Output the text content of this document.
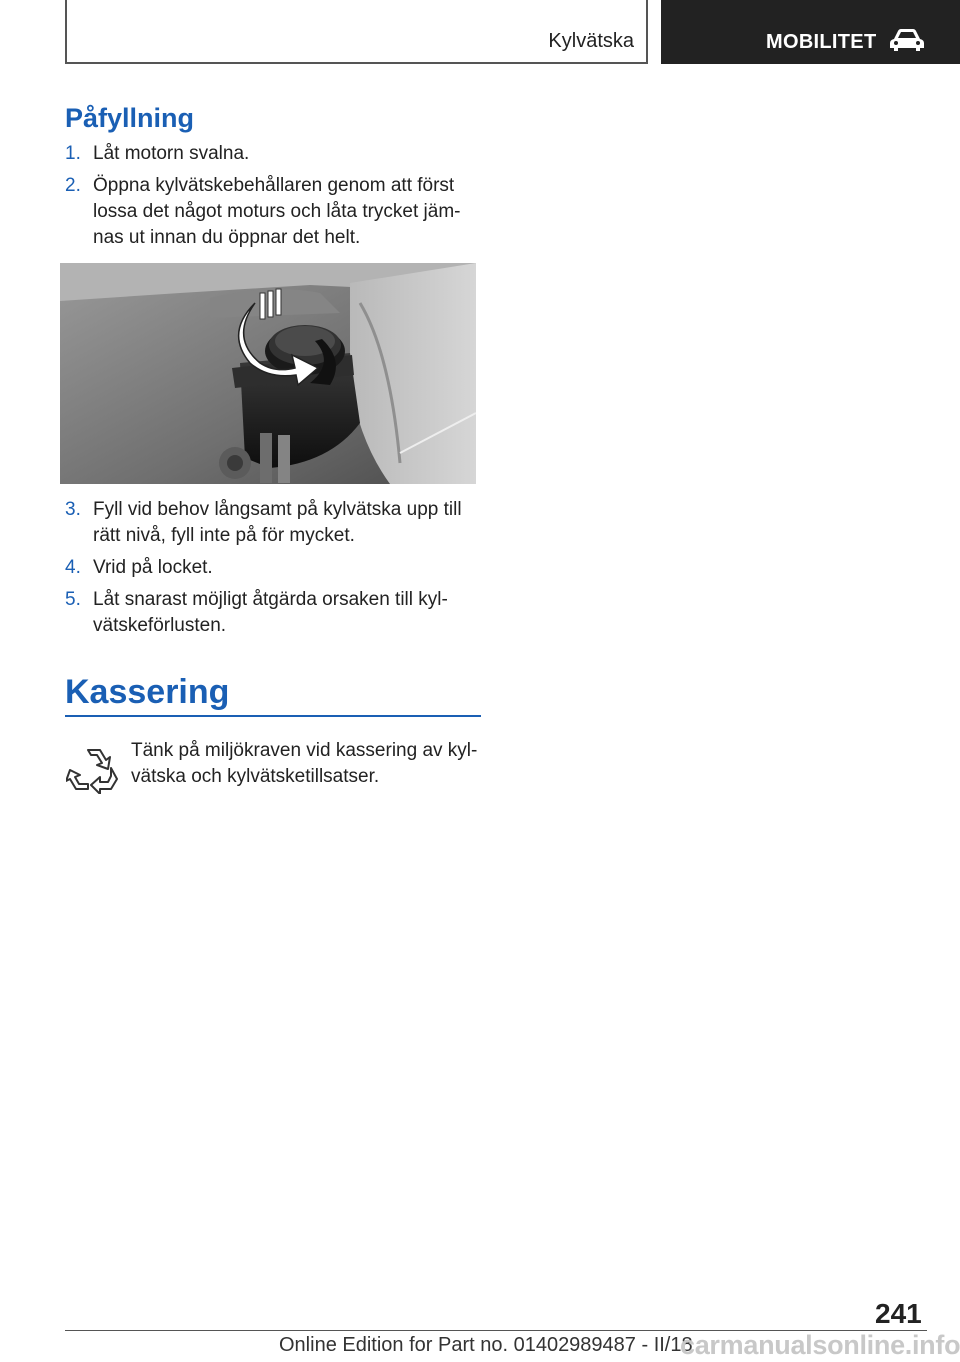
Kylvätska	MOBILITET
Påfyllning
1. Låt motorn svalna.
2. Öppna kylvätskebehållaren genom att först lossa det något moturs och låta trycket jämnas ut innan du öppnar det helt.
3. Fyll vid behov långsamt på kylvätska upp till rätt nivå, fyll inte på för mycket.
4. Vrid på locket.
5. Låt snarast möjligt åtgärda orsaken till kylvätskeförlusten.
Kassering
Tänk på miljökraven vid kassering av kylvätska och kylvätsketillsatser.
241
Online Edition for Part no. 01402989487 - II/18
carmanualsonline.info
